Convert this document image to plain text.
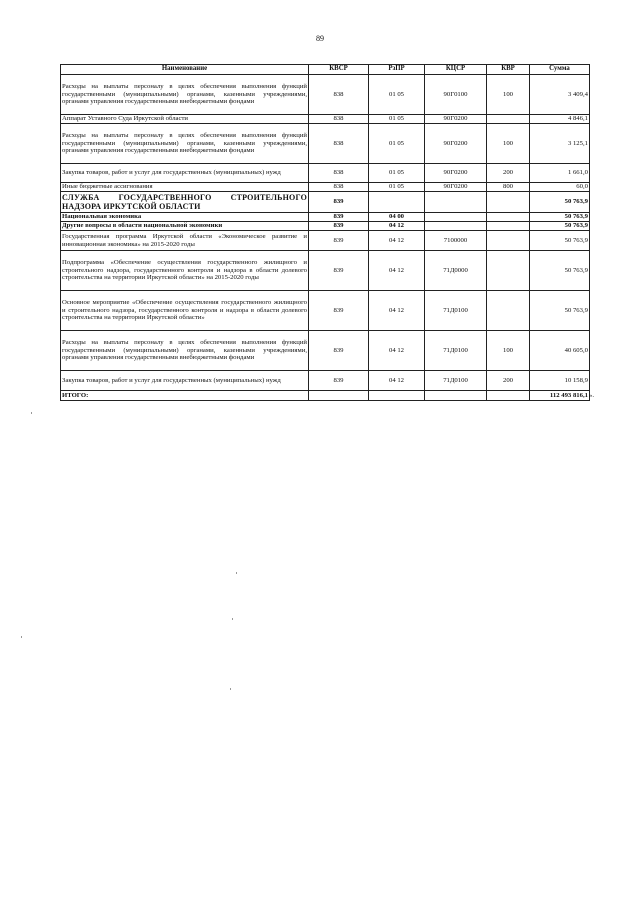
89
Наименование	КВСР	РзПР	КЦСР	КВР	Сумма
Расходы на выплаты персоналу в целях обеспечения выполнения функций государственными (муниципальными) органами, казенными учреждениями, органами управления государственными внебюджетными фондами	838	01 05	90Г0100	100	3 409,4
Аппарат Уставного Суда Иркутской области	838	01 05	90Г0200		4 846,1
Расходы на выплаты персоналу в целях обеспечения выполнения функций государственными (муниципальными) органами, казенными учреждениями, органами управления государственными внебюджетными фондами	838	01 05	90Г0200	100	3 125,1
Закупка товаров, работ и услуг для государственных (муниципальных) нужд	838	01 05	90Г0200	200	1 661,0
Иные бюджетные ассигнования	838	01 05	90Г0200	800	60,0
СЛУЖБА ГОСУДАРСТВЕННОГО СТРОИТЕЛЬНОГО НАДЗОРА ИРКУТСКОЙ ОБЛАСТИ	839				50 763,9
Национальная экономика	839	04 00			50 763,9
Другие вопросы в области национальной экономики	839	04 12			50 763,9
Государственная программа Иркутской области «Экономическое развитие и инновационная экономика» на 2015-2020 годы	839	04 12	7100000		50 763,9
Подпрограмма «Обеспечение осуществления государственного жилищного и строительного надзора, государственного контроля и надзора в области долевого строительства на территории Иркутской области» на 2015-2020 годы	839	04 12	71Д0000		50 763,9
Основное мероприятие «Обеспечение осуществления государственного жилищного и строительного надзора, государственного контроля и надзора в области долевого строительства на территории Иркутской области»	839	04 12	71Д0100		50 763,9
Расходы на выплаты персоналу в целях обеспечения выполнения функций государственными (муниципальными) органами, казенными учреждениями, органами управления государственными внебюджетными фондами	839	04 12	71Д0100	100	40 605,0
Закупка товаров, работ и услуг для государственных (муниципальных) нужд	839	04 12	71Д0100	200	10 158,9
ИТОГО:					112 493 816,1 ».
